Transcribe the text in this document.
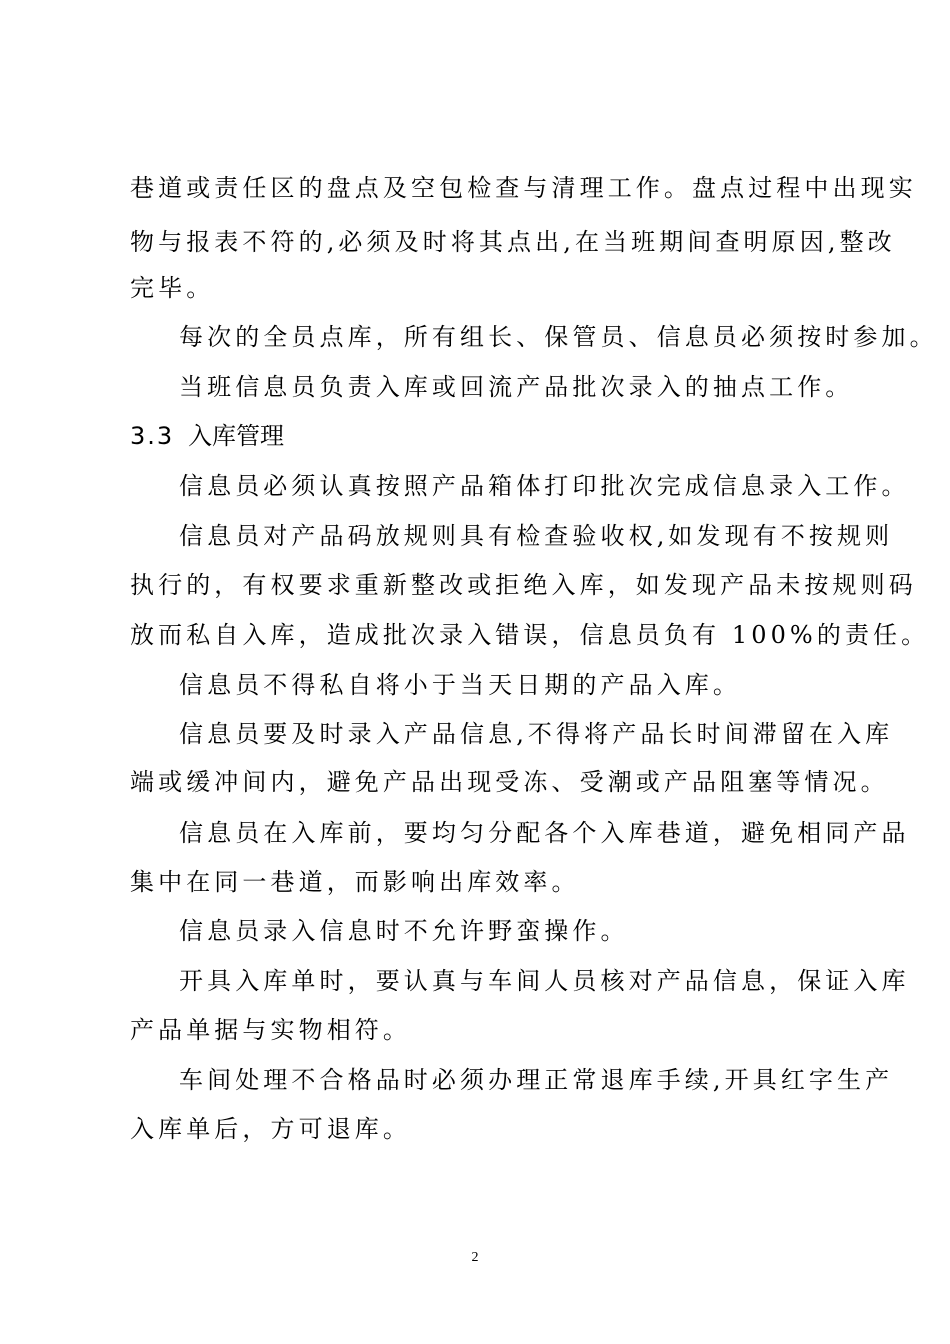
巷道或责任区的盘点及空包检查与清理工作。盘点过程中出现实
物与报表不符的,必须及时将其点出,在当班期间查明原因,整改
完毕。
每次的全员点库，所有组长、保管员、信息员必须按时参加。
当班信息员负责入库或回流产品批次录入的抽点工作。
3.3 入库管理
信息员必须认真按照产品箱体打印批次完成信息录入工作。
信息员对产品码放规则具有检查验收权,如发现有不按规则
执行的，有权要求重新整改或拒绝入库，如发现产品未按规则码
放而私自入库，造成批次录入错误，信息员负有 100%的责任。
信息员不得私自将小于当天日期的产品入库。
信息员要及时录入产品信息,不得将产品长时间滞留在入库
端或缓冲间内，避免产品出现受冻、受潮或产品阻塞等情况。
信息员在入库前，要均匀分配各个入库巷道，避免相同产品
集中在同一巷道，而影响出库效率。
信息员录入信息时不允许野蛮操作。
开具入库单时，要认真与车间人员核对产品信息，保证入库
产品单据与实物相符。
车间处理不合格品时必须办理正常退库手续,开具红字生产
入库单后，方可退库。
2
